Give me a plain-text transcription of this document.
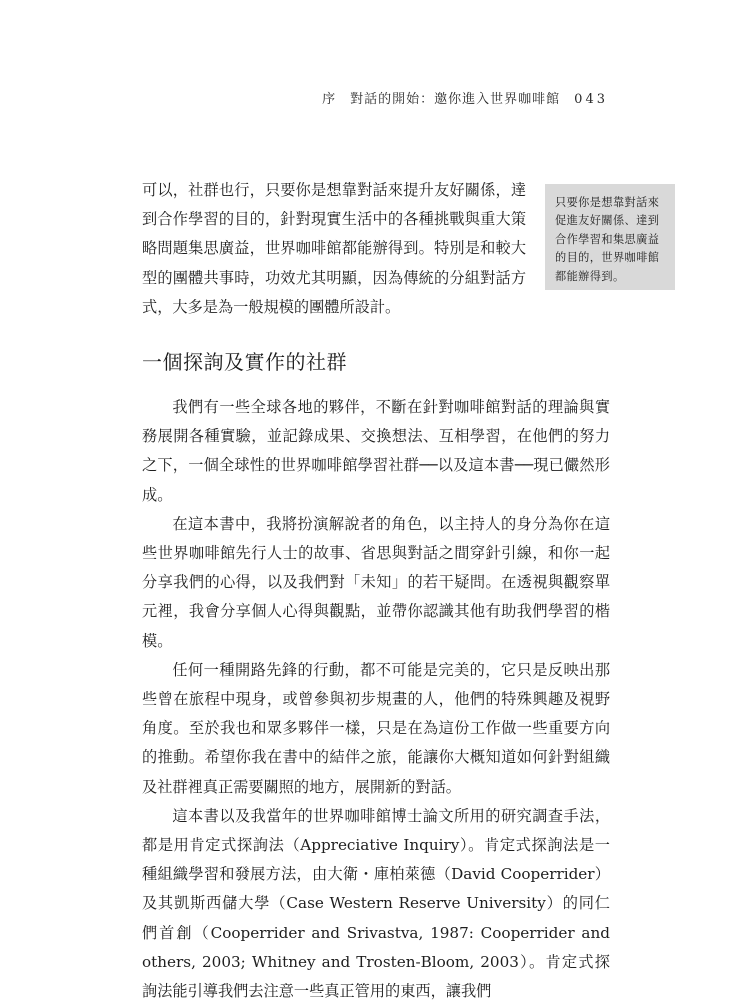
序　對話的開始：邀你進入世界咖啡館 043
可以，社群也行，只要你是想靠對話來提升友好關係，達到合作學習的目的，針對現實生活中的各種挑戰與重大策略問題集思廣益，世界咖啡館都能辦得到。特別是和較大型的團體共事時，功效尤其明顯，因為傳統的分組對話方式，大多是為一般規模的團體所設計。
只要你是想靠對話來促進友好關係、達到合作學習和集思廣益的目的，世界咖啡館都能辦得到。
一個探詢及實作的社群

我們有一些全球各地的夥伴，不斷在針對咖啡館對話的理論與實務展開各種實驗，並記錄成果、交換想法、互相學習，在他們的努力之下，一個全球性的世界咖啡館學習社群──以及這本書──現已儼然形成。

在這本書中，我將扮演解說者的角色，以主持人的身分為你在這些世界咖啡館先行人士的故事、省思與對話之間穿針引線，和你一起分享我們的心得，以及我們對「未知」的若干疑問。在透視與觀察單元裡，我會分享個人心得與觀點，並帶你認識其他有助我們學習的楷模。

任何一種開路先鋒的行動，都不可能是完美的，它只是反映出那些曾在旅程中現身，或曾參與初步規畫的人，他們的特殊興趣及視野角度。至於我也和眾多夥伴一樣，只是在為這份工作做一些重要方向的推動。希望你我在書中的結伴之旅，能讓你大概知道如何針對組織及社群裡真正需要關照的地方，展開新的對話。

這本書以及我當年的世界咖啡館博士論文所用的研究調查手法，都是用肯定式探詢法（Appreciative Inquiry）。肯定式探詢法是一種組織學習和發展方法，由大衛・庫柏萊德（David Cooperrider）及其凱斯西儲大學（Case Western Reserve University）的同仁們首創（Cooperrider and Srivastva, 1987: Cooperrider and others, 2003; Whitney and Trosten-Bloom, 2003）。肯定式探詢法能引導我們去注意一些真正管用的東西，讓我們
